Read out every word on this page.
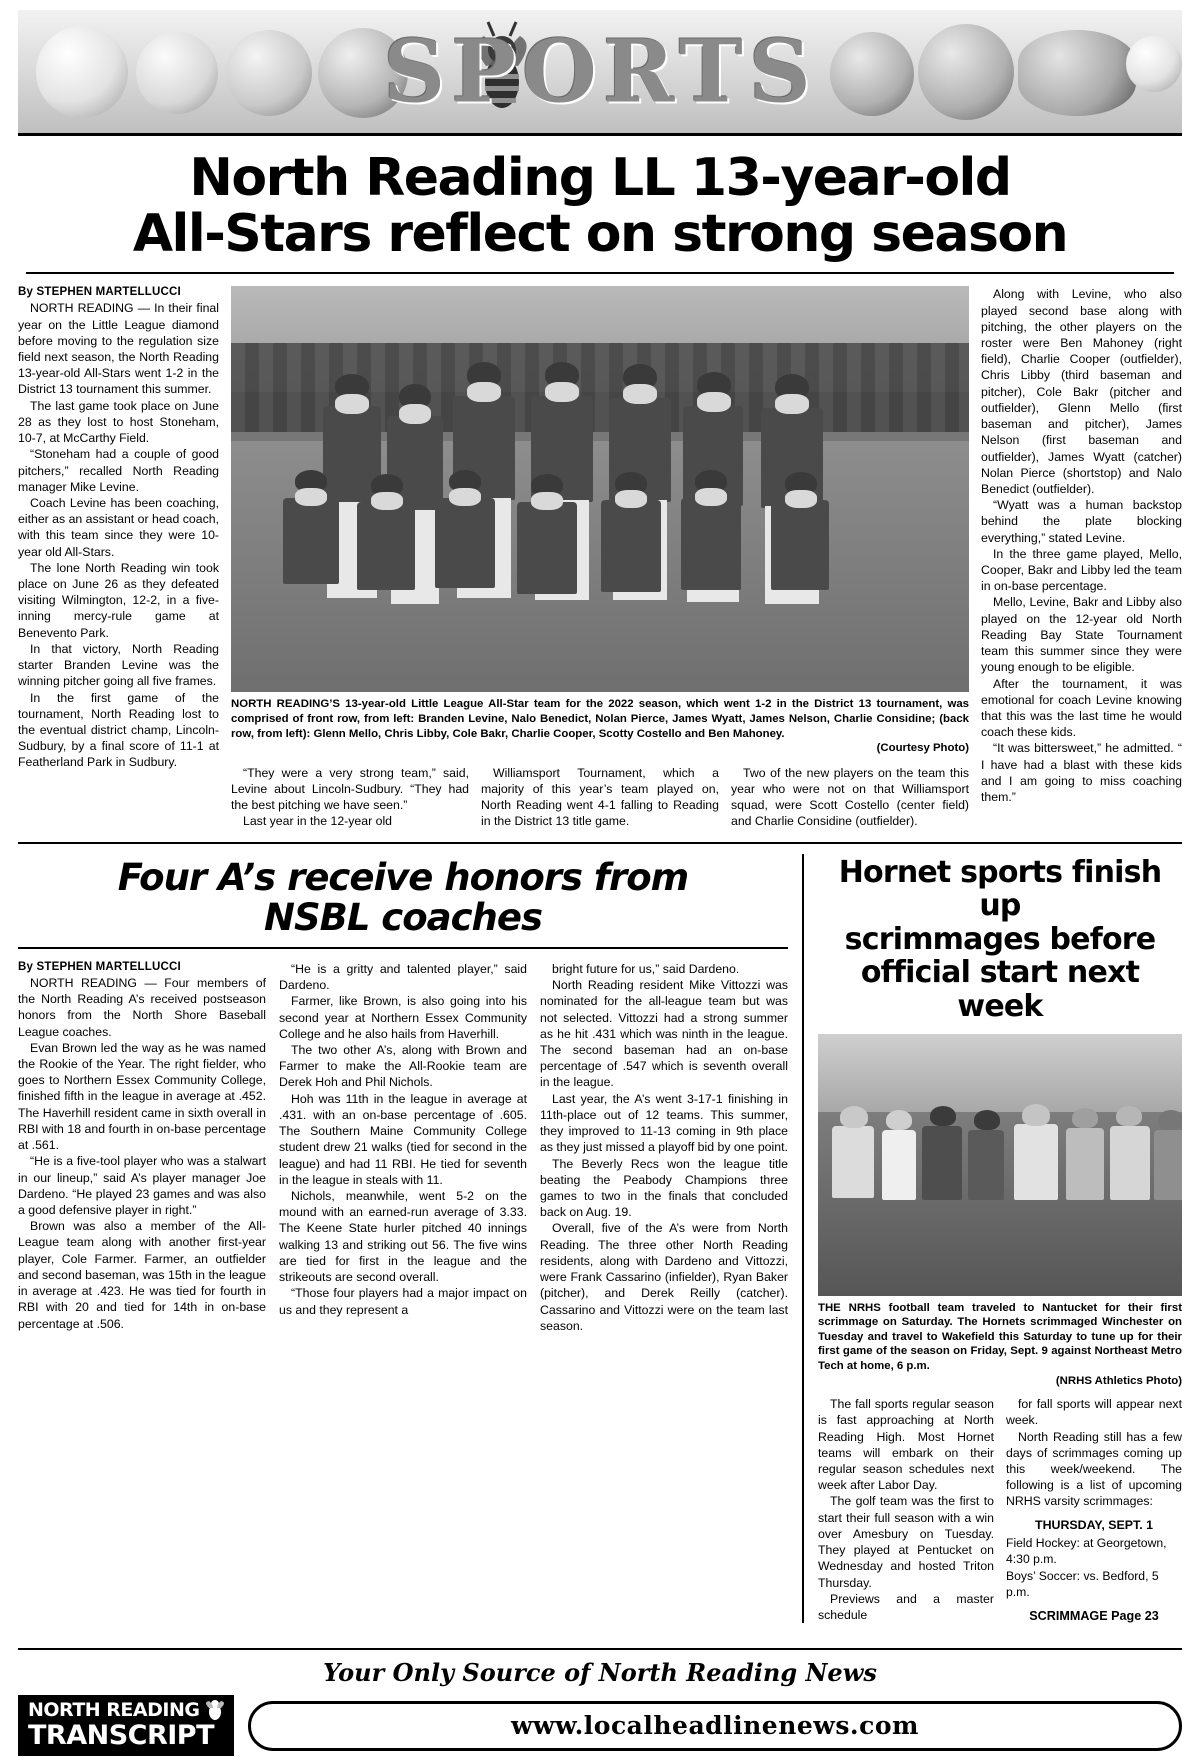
SPORTS
North Reading LL 13-year-old
All-Stars reflect on strong season
By STEPHEN MARTELLUCCI

NORTH READING — In their final year on the Little League diamond before moving to the regulation size field next season, the North Reading 13-year-old All-Stars went 1-2 in the District 13 tournament this summer.

The last game took place on June 28 as they lost to host Stoneham, 10-7, at McCarthy Field.

“Stoneham had a couple of good pitchers,” recalled North Reading manager Mike Levine.

Coach Levine has been coaching, either as an assistant or head coach, with this team since they were 10-year old All-Stars.

The lone North Reading win took place on June 26 as they defeated visiting Wilmington, 12-2, in a five-inning mercy-rule game at Benevento Park.

In that victory, North Reading starter Branden Levine was the winning pitcher going all five frames.

In the first game of the tournament, North Reading lost to the eventual district champ, Lincoln-Sudbury, by a final score of 11-1 at Featherland Park in Sudbury.

NORTH READING’S 13-year-old Little League All-Star team for the 2022 season, which went 1-2 in the District 13 tournament, was comprised of front row, from left: Branden Levine, Nalo Benedict, Nolan Pierce, James Wyatt, James Nelson, Charlie Considine; (back row, from left): Glenn Mello, Chris Libby, Cole Bakr, Charlie Cooper, Scotty Costello and Ben Mahoney.
(Courtesy Photo)

“They were a very strong team,” said, Levine about Lincoln-Sudbury. “They had the best pitching we have seen.”

Last year in the 12-year old

Williamsport Tournament, which a majority of this year’s team played on, North Reading went 4-1 falling to Reading in the District 13 title game.

Two of the new players on the team this year who were not on that Williamsport squad, were Scott Costello (center field) and Charlie Considine (outfielder).

Along with Levine, who also played second base along with pitching, the other players on the roster were Ben Mahoney (right field), Charlie Cooper (outfielder), Chris Libby (third baseman and pitcher), Cole Bakr (pitcher and outfielder), Glenn Mello (first baseman and pitcher), James Nelson (first baseman and outfielder), James Wyatt (catcher) Nolan Pierce (shortstop) and Nalo Benedict (outfielder).

“Wyatt was a human backstop behind the plate blocking everything,” stated Levine.

In the three game played, Mello, Cooper, Bakr and Libby led the team in on-base percentage.

Mello, Levine, Bakr and Libby also played on the 12-year old North Reading Bay State Tournament team this summer since they were young enough to be eligible.

After the tournament, it was emotional for coach Levine knowing that this was the last time he would coach these kids.

“It was bittersweet,” he admitted. “ I have had a blast with these kids and I am going to miss coaching them.”

Four A’s receive honors from
NSBL coaches
By STEPHEN MARTELLUCCI

NORTH READING — Four members of the North Reading A’s received postseason honors from the North Shore Baseball League coaches.

Evan Brown led the way as he was named the Rookie of the Year. The right fielder, who goes to Northern Essex Community College, finished fifth in the league in average at .452. The Haverhill resident came in sixth overall in RBI with 18 and fourth in on-base percentage at .561.

“He is a five-tool player who was a stalwart in our lineup,” said A’s player manager Joe Dardeno. “He played 23 games and was also a good defensive player in right.”

Brown was also a member of the All-League team along with another first-year player, Cole Farmer. Farmer, an outfielder and second baseman, was 15th in the league in average at .423. He was tied for fourth in RBI with 20 and tied for 14th in on-base percentage at .506.

“He is a gritty and talented player,” said Dardeno.

Farmer, like Brown, is also going into his second year at Northern Essex Community College and he also hails from Haverhill.

The two other A’s, along with Brown and Farmer to make the All-Rookie team are Derek Hoh and Phil Nichols.

Hoh was 11th in the league in average at .431. with an on-base percentage of .605. The Southern Maine Community College student drew 21 walks (tied for second in the league) and had 11 RBI. He tied for seventh in the league in steals with 11.

Nichols, meanwhile, went 5-2 on the mound with an earned-run average of 3.33. The Keene State hurler pitched 40 innings walking 13 and striking out 56. The five wins are tied for first in the league and the strikeouts are second overall.

“Those four players had a major impact on us and they represent a

bright future for us,” said Dardeno.

North Reading resident Mike Vittozzi was nominated for the all-league team but was not selected. Vittozzi had a strong summer as he hit .431 which was ninth in the league. The second baseman had an on-base percentage of .547 which is seventh overall in the league.

Last year, the A’s went 3-17-1 finishing in 11th-place out of 12 teams. This summer, they improved to 11-13 coming in 9th place as they just missed a playoff bid by one point.

The Beverly Recs won the league title beating the Peabody Champions three games to two in the finals that concluded back on Aug. 19.

Overall, five of the A’s were from North Reading. The three other North Reading residents, along with Dardeno and Vittozzi, were Frank Cassarino (infielder), Ryan Baker (pitcher), and Derek Reilly (catcher). Cassarino and Vittozzi were on the team last season.

Hornet sports finish up
scrimmages before
official start next week
THE NRHS football team traveled to Nantucket for their first scrimmage on Saturday. The Hornets scrimmaged Winchester on Tuesday and travel to Wakefield this Saturday to tune up for their first game of the season on Friday, Sept. 9 against Northeast Metro Tech at home, 6 p.m.
(NRHS Athletics Photo)

The fall sports regular season is fast approaching at North Reading High. Most Hornet teams will embark on their regular season schedules next week after Labor Day.

The golf team was the first to start their full season with a win over Amesbury on Tuesday. They played at Pentucket on Wednesday and hosted Triton Thursday.

Previews and a master schedule

for fall sports will appear next week.

North Reading still has a few days of scrimmages coming up this week/weekend. The following is a list of upcoming NRHS varsity scrimmages:

THURSDAY, SEPT. 1
Field Hockey: at Georgetown, 4:30 p.m.
Boys’ Soccer: vs. Bedford, 5 p.m.
SCRIMMAGE Page 23
Your Only Source of North Reading News
NORTH READING
TRANSCRIPT	www.localheadlinenews.com
